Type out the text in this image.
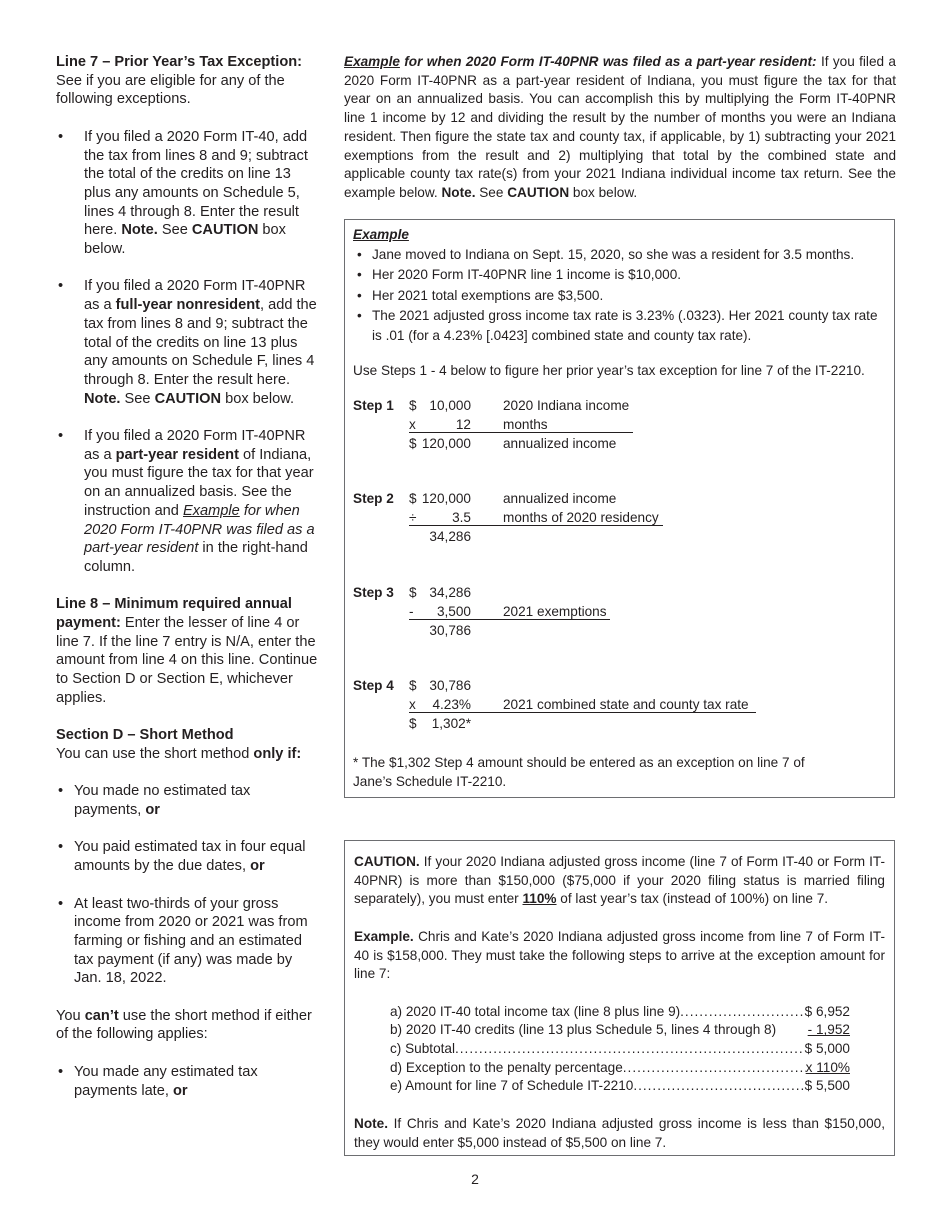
Line 7 – Prior Year’s Tax Exception: See if you are eligible for any of the following exceptions.

• If you filed a 2020 Form IT-40, add the tax from lines 8 and 9; subtract the total of the credits on line 13 plus any amounts on Schedule 5, lines 4 through 8. Enter the result here. Note. See CAUTION box below.
• If you filed a 2020 Form IT-40PNR as a full-year nonresident, add the tax from lines 8 and 9; subtract the total of the credits on line 13 plus any amounts on Schedule F, lines 4 through 8. Enter the result here. Note. See CAUTION box below.
• If you filed a 2020 Form IT-40PNR as a part-year resident of Indiana, you must figure the tax for that year on an annualized basis. See the instruction and Example for when 2020 Form IT-40PNR was filed as a part-year resident in the right-hand column.

Line 8 – Minimum required annual payment: Enter the lesser of line 4 or line 7. If the line 7 entry is N/A, enter the amount from line 4 on this line. Continue to Section D or Section E, whichever applies.

Section D – Short Method
You can use the short method only if:

• You made no estimated tax payments, or
• You paid estimated tax in four equal amounts by the due dates, or
• At least two-thirds of your gross income from 2020 or 2021 was from farming or fishing and an estimated tax payment (if any) was made by Jan. 18, 2022.

You can’t use the short method if either of the following applies:

• You made any estimated tax payments late, or
Example for when 2020 Form IT-40PNR was filed as a part-year resident: If you filed a 2020 Form IT-40PNR as a part-year resident of Indiana, you must figure the tax for that year on an annualized basis. You can accomplish this by multiplying the Form IT-40PNR line 1 income by 12 and dividing the result by the number of months you were an Indiana resident. Then figure the state tax and county tax, if applicable, by 1) subtracting your 2021 exemptions from the result and 2) multiplying that total by the combined state and applicable county tax rate(s) from your 2021 Indiana individual income tax return. See the example below. Note. See CAUTION box below.
Example
• Jane moved to Indiana on Sept. 15, 2020, so she was a resident for 3.5 months.
• Her 2020 Form IT-40PNR line 1 income is $10,000.
• Her 2021 total exemptions are $3,500.
• The 2021 adjusted gross income tax rate is 3.23% (.0323). Her 2021 county tax rate is .01 (for a 4.23% [.0423] combined state and county tax rate).
Use Steps 1 - 4 below to figure her prior year’s tax exception for line 7 of the IT-2210.
Step 1 $ 10,000 2020 Indiana income
x	12 months
$ 120,000 annualized income
Step 2 $ 120,000 annualized income
÷	3.5 months of 2020 residency
34,286
Step 3 $ 34,286
-	3,500 2021 exemptions
30,786
Step 4 $ 30,786
x	4.23% 2021 combined state and county tax rate
$	1,302*
* The $1,302 Step 4 amount should be entered as an exception on line 7 of Jane’s Schedule IT-2210.

CAUTION. If your 2020 Indiana adjusted gross income (line 7 of Form IT-40 or Form IT-40PNR) is more than $150,000 ($75,000 if your 2020 filing status is married filing separately), you must enter 110% of last year’s tax (instead of 100%) on line 7.

Example. Chris and Kate’s 2020 Indiana adjusted gross income from line 7 of Form IT-40 is $158,000. They must take the following steps to arrive at the exception amount for line 7:

a) 2020 IT-40 total income tax (line 8 plus line 9) .....	$ 6,952
b) 2020 IT-40 credits (line 13 plus Schedule 5, lines 4 through 8) - 1,952
c) Subtotal .....	$ 5,000
d) Exception to the penalty percentage .....	x 110%
e) Amount for line 7 of Schedule IT-2210 .....	$ 5,500

Note. If Chris and Kate’s 2020 Indiana adjusted gross income is less than $150,000, they would enter $5,000 instead of $5,500 on line 7.

2
